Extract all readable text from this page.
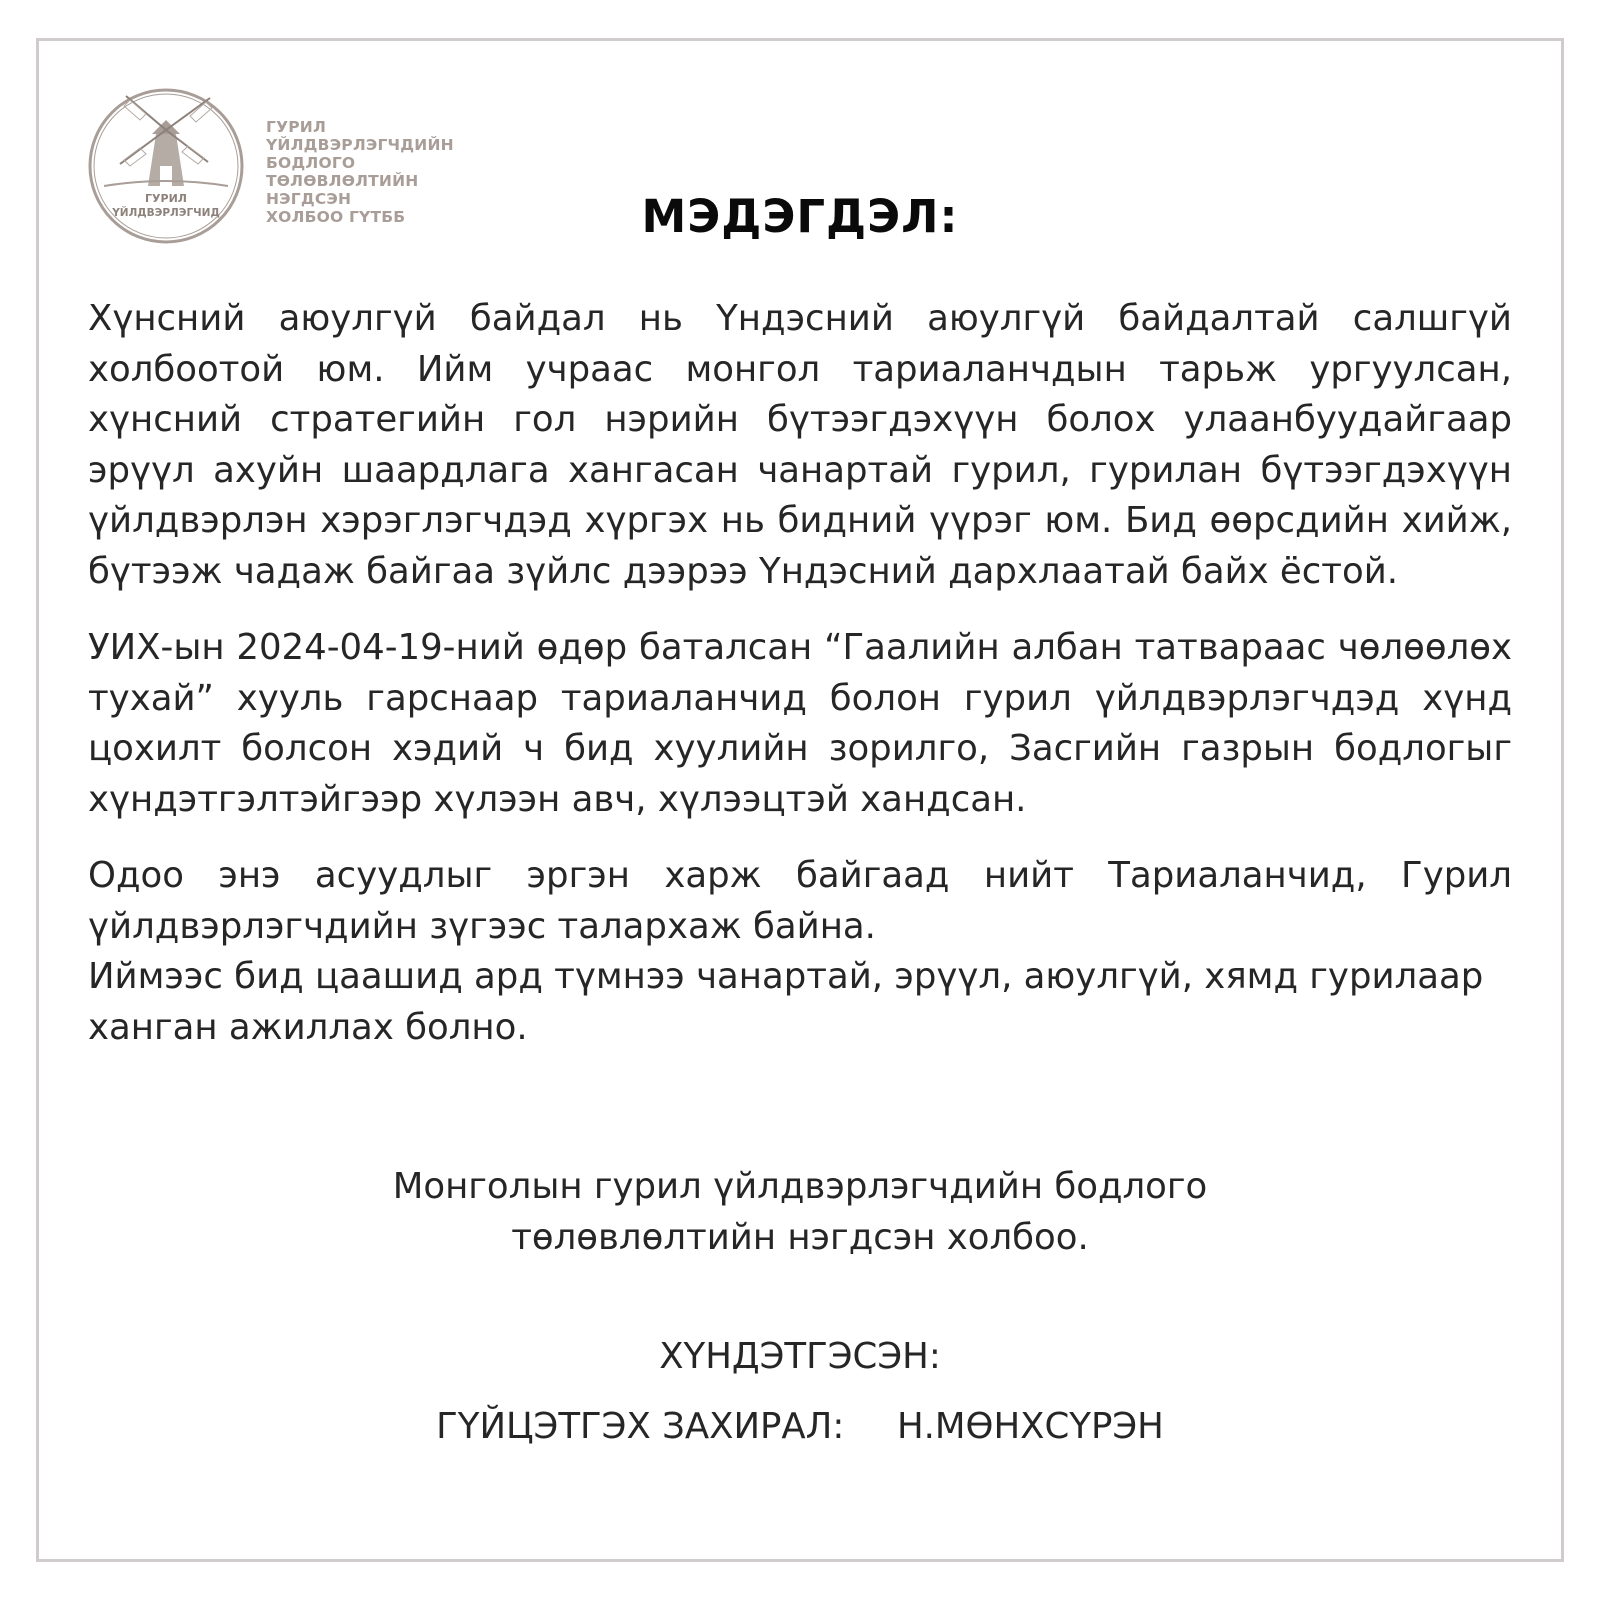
ГУРИЛ
ҮЙЛДВЭРЛЭГЧИД
ГУРИЛ
ҮЙЛДВЭРЛЭГЧДИЙН
БОДЛОГО
ТӨЛӨВЛӨЛТИЙН
НЭГДСЭН
ХОЛБОО ГҮТББ	МЭДЭГДЭЛ:

Хүнсний аюулгүй байдал нь Үндэсний аюулгүй байдалтай салшгүй холбоотой юм. Ийм учраас монгол тариаланчдын тарьж ургуулсан, хүнсний стратегийн гол нэрийн бүтээгдэхүүн болох улаанбуудайгаар эрүүл ахуйн шаардлага хангасан чанартай гурил, гурилан бүтээгдэхүүн үйлдвэрлэн хэрэглэгчдэд хүргэх нь бидний үүрэг юм. Бид өөрсдийн хийж, бүтээж чадаж байгаа зүйлс дээрээ Үндэсний дархлаатай байх ёстой.

УИХ-ын 2024-04-19-ний өдөр баталсан “Гаалийн албан татвараас чөлөөлөх тухай” хууль гарснаар тариаланчид болон гурил үйлдвэрлэгчдэд хүнд цохилт болсон хэдий ч бид хуулийн зорилго, Засгийн газрын бодлогыг хүндэтгэлтэйгээр хүлээн авч, хүлээцтэй хандсан.

Одоо энэ асуудлыг эргэн харж байгаад нийт Тариаланчид, Гурил үйлдвэрлэгчдийн зүгээс талархаж байна.

Иймээс бид цаашид ард түмнээ чанартай, эрүүл, аюулгүй, хямд гурилаар ханган ажиллах болно.

Монголын гурил үйлдвэрлэгчдийн бодлого
төлөвлөлтийн нэгдсэн холбоо.
ХҮНДЭТГЭСЭН:
ГҮЙЦЭТГЭХ ЗАХИРАЛ: Н.МӨНХСҮРЭН
